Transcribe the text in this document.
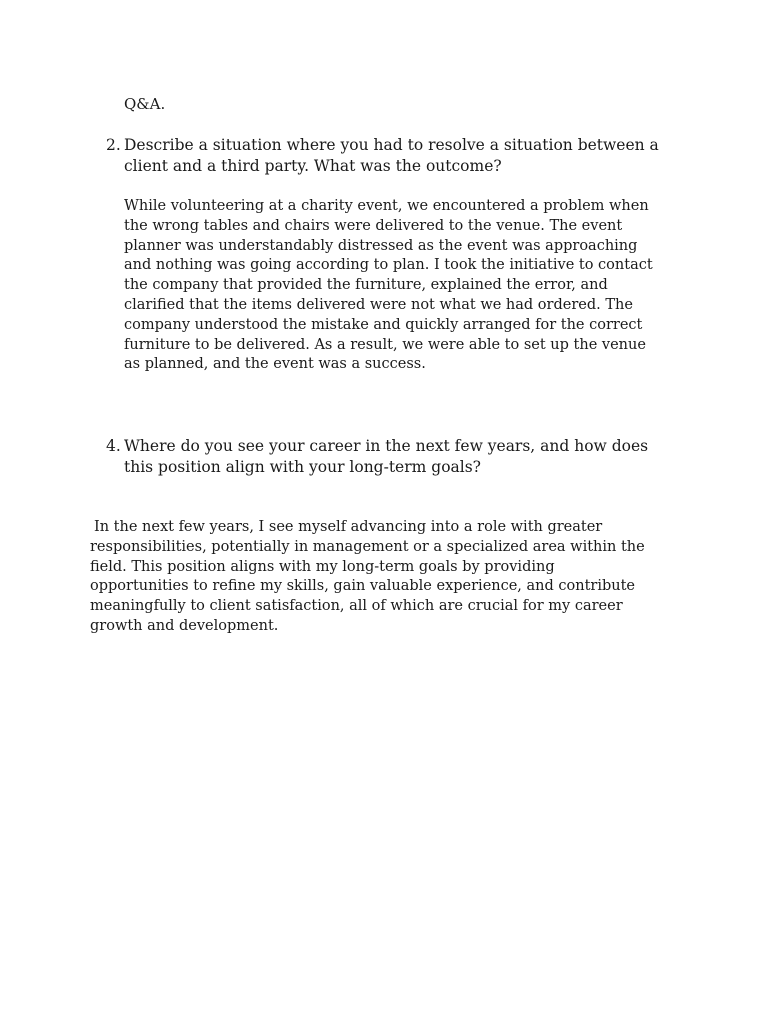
Q&A.

2. Describe a situation where you had to resolve a situation between a client and a third party. What was the outcome?

While volunteering at a charity event, we encountered a problem when the wrong tables and chairs were delivered to the venue. The event planner was understandably distressed as the event was approaching and nothing was going according to plan. I took the initiative to contact the company that provided the furniture, explained the error, and clarified that the items delivered were not what we had ordered. The company understood the mistake and quickly arranged for the correct furniture to be delivered. As a result, we were able to set up the venue as planned, and the event was a success.

4. Where do you see your career in the next few years, and how does this position align with your long-term goals?

In the next few years, I see myself advancing into a role with greater responsibilities, potentially in management or a specialized area within the field. This position aligns with my long-term goals by providing opportunities to refine my skills, gain valuable experience, and contribute meaningfully to client satisfaction, all of which are crucial for my career growth and development.
